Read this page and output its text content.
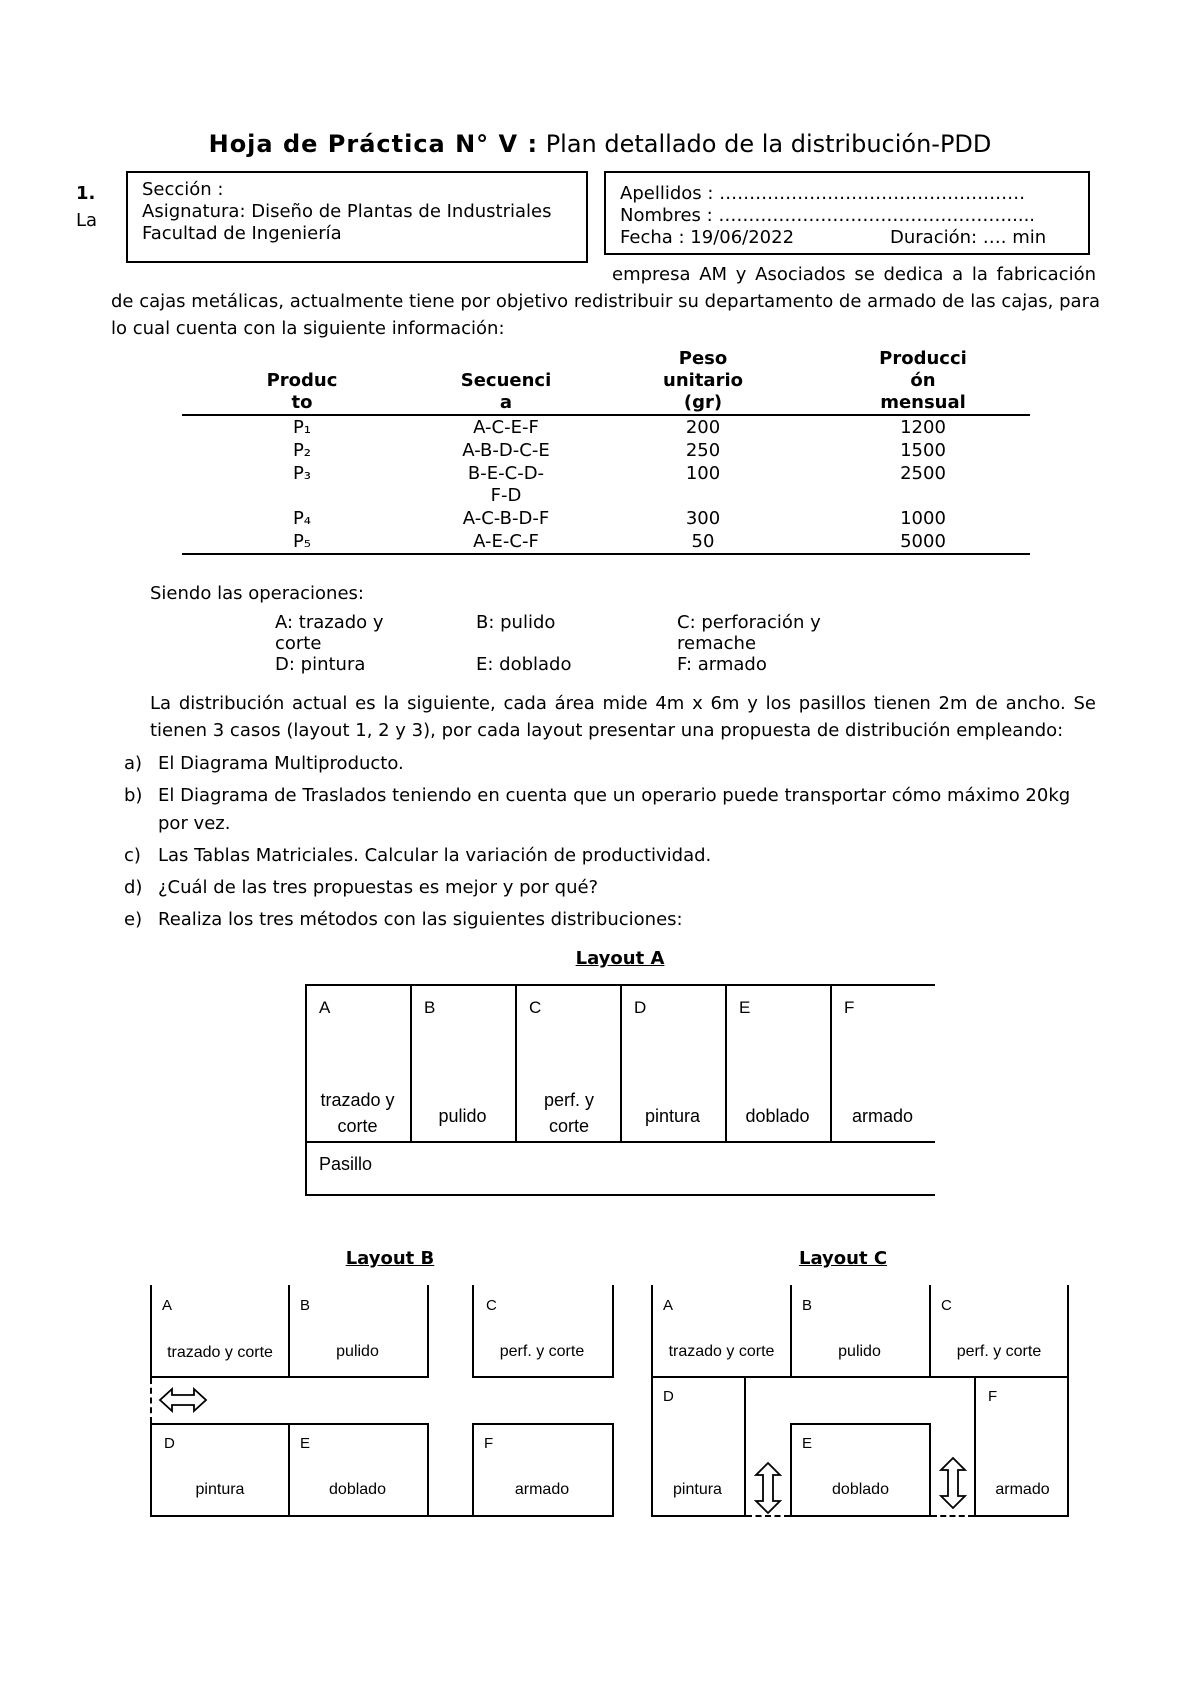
Hoja de Práctica N° V : Plan detallado de la distribución-PDD
1.
La
Sección :
Asignatura: Diseño de Plantas de Industriales
Facultad de Ingeniería
Apellidos : ……………………………………………
Nombres : ………………………………………….....
Fecha : 19/06/2022	Duración: …. min
empresa AM y Asociados se dedica a la fabricación
de cajas metálicas, actualmente tiene por objetivo redistribuir su departamento de armado de las cajas, para
lo cual cuenta con la siguiente información:
Produc to	Secuenci a	Peso unitario (gr)	Producci ón mensual

P₁	A-C-E-F	200	1200
P₂	A-B-D-C-E	250	1500
P₃	B-E-C-D-F-D	100	2500
P₄	A-C-B-D-F	300	1000
P₅	A-E-C-F	50	5000
Siendo las operaciones:
A: trazado y corte
B: pulido	C: perforación y remache
D: pintura	E: doblado	F: armado
La distribución actual es la siguiente, cada área mide 4m x 6m y los pasillos tienen 2m de ancho. Se tienen 3 casos (layout 1, 2 y 3), por cada layout presentar una propuesta de distribución empleando:
a) El Diagrama Multiproducto.
b) El Diagrama de Traslados teniendo en cuenta que un operario puede transportar cómo máximo 20kg por vez.
c) Las Tablas Matriciales. Calcular la variación de productividad.
d) ¿Cuál de las tres propuestas es mejor y por qué?
e) Realiza los tres métodos con las siguientes distribuciones:
Layout A
A
trazado y corte
B
pulido
C
perf. y corte
D
pintura
E
doblado
F
armado
Pasillo
Layout B
A
trazado y corte
B
pulido
C
perf. y corte
D
pintura
E
doblado
F
armado
Layout C
A
trazado y corte
B
pulido
C
perf. y corte
D
pintura
E
doblado
F
armado
